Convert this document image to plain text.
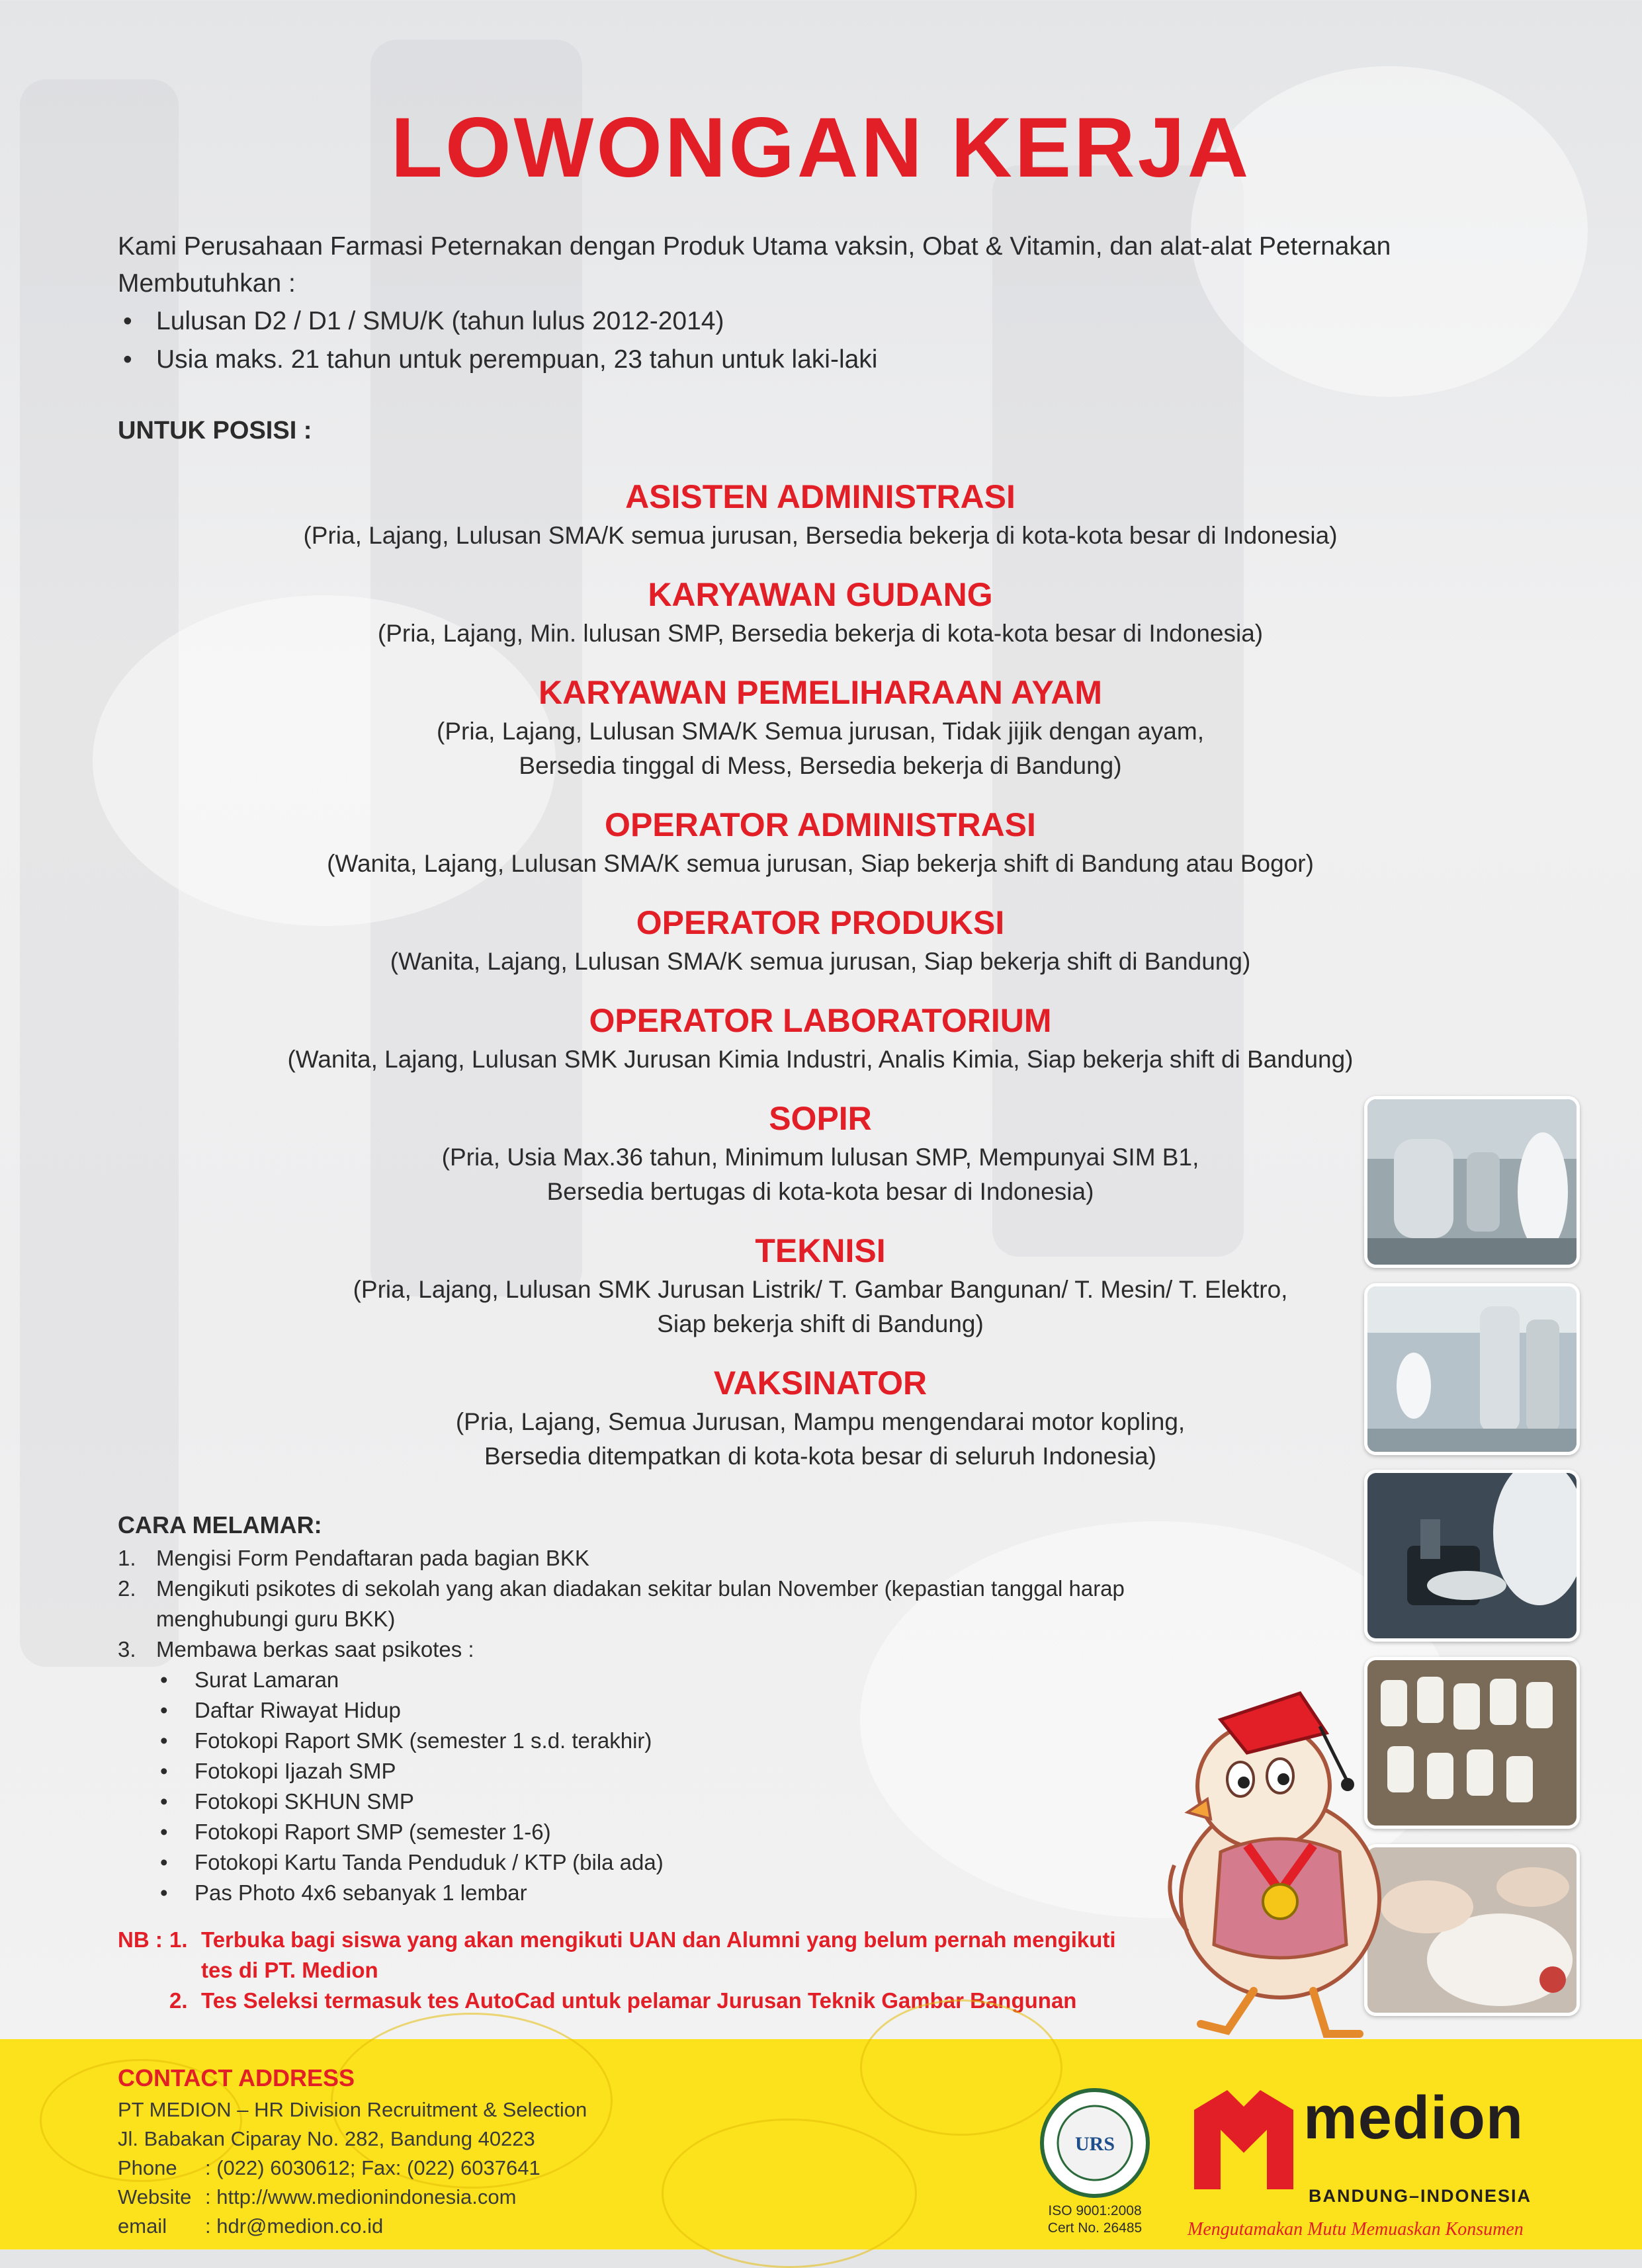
LOWONGAN KERJA

Kami Perusahaan Farmasi Peternakan dengan Produk Utama vaksin, Obat & Vitamin, dan alat-alat Peternakan

Membutuhkan :

• Lulusan D2 / D1 / SMU/K (tahun lulus 2012-2014)
• Usia maks. 21 tahun untuk perempuan, 23 tahun untuk laki-laki
UNTUK POSISI :
ASISTEN ADMINISTRASI
(Pria, Lajang, Lulusan SMA/K semua jurusan, Bersedia bekerja di kota-kota besar di Indonesia)
KARYAWAN GUDANG
(Pria, Lajang, Min. lulusan SMP, Bersedia bekerja di kota-kota besar di Indonesia)
KARYAWAN PEMELIHARAAN AYAM
(Pria, Lajang, Lulusan SMA/K Semua jurusan, Tidak jijik dengan ayam,
Bersedia tinggal di Mess, Bersedia bekerja di Bandung)
OPERATOR ADMINISTRASI
(Wanita, Lajang, Lulusan SMA/K semua jurusan, Siap bekerja shift di Bandung atau Bogor)
OPERATOR PRODUKSI
(Wanita, Lajang, Lulusan SMA/K semua jurusan, Siap bekerja shift di Bandung)
OPERATOR LABORATORIUM
(Wanita, Lajang, Lulusan SMK Jurusan Kimia Industri, Analis Kimia, Siap bekerja shift di Bandung)
SOPIR
(Pria, Usia Max.36 tahun, Minimum lulusan SMP, Mempunyai SIM B1,
Bersedia bertugas di kota-kota besar di Indonesia)
TEKNISI
(Pria, Lajang, Lulusan SMK Jurusan Listrik/ T. Gambar Bangunan/ T. Mesin/ T. Elektro,
Siap bekerja shift di Bandung)
VAKSINATOR
(Pria, Lajang, Semua Jurusan, Mampu mengendarai motor kopling,
Bersedia ditempatkan di kota-kota besar di seluruh Indonesia)
CARA MELAMAR:
1. Mengisi Form Pendaftaran pada bagian BKK
2. Mengikuti psikotes di sekolah yang akan diadakan sekitar bulan November (kepastian tanggal harap menghubungi guru BKK)
3. Membawa berkas saat psikotes :
• Surat Lamaran
• Daftar Riwayat Hidup
• Fotokopi Raport SMK (semester 1 s.d. terakhir)
• Fotokopi Ijazah SMP
• Fotokopi SKHUN SMP
• Fotokopi Raport SMP (semester 1-6)
• Fotokopi Kartu Tanda Penduduk / KTP (bila ada)
• Pas Photo 4x6 sebanyak 1 lembar
NB : 1. Terbuka bagi siswa yang akan mengikuti UAN dan Alumni yang belum pernah mengikuti tes di PT. Medion
2. Tes Seleksi termasuk tes AutoCad untuk pelamar Jurusan Teknik Gambar Bangunan
CONTACT ADDRESS
PT MEDION – HR Division Recruitment & Selection
Jl. Babakan Ciparay No. 282, Bandung 40223
Phone	: (022) 6030612; Fax: (022) 6037641
Website : http://www.medionindonesia.com
email	: hdr@medion.co.id
URS
ISO 9001:2008
Cert No. 26485
medion
BANDUNG–INDONESIA
Mengutamakan Mutu Memuaskan Konsumen
